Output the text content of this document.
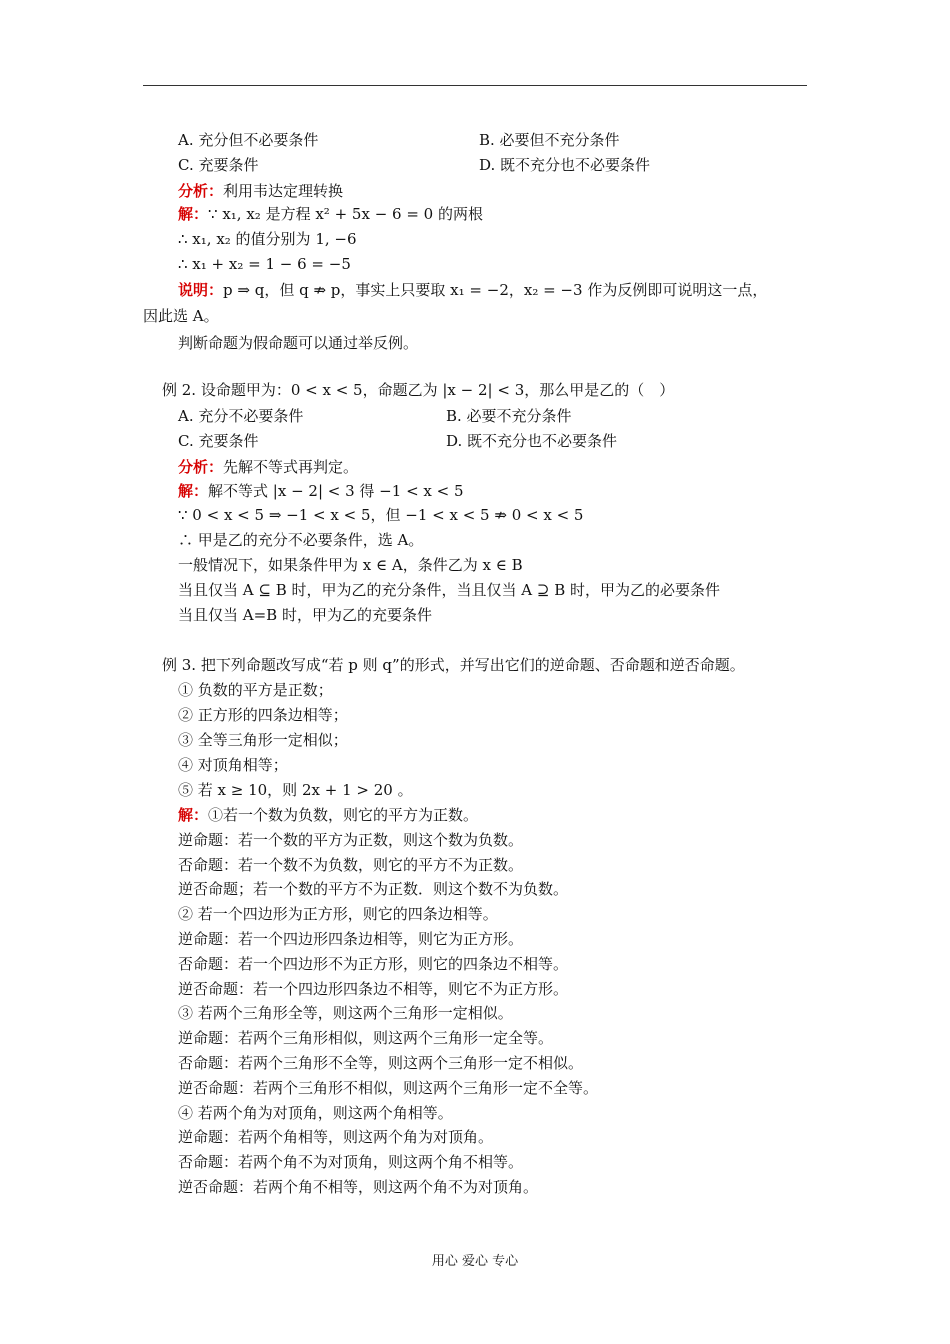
A. 充分但不必要条件	B. 必要但不充分条件
C. 充要条件	D. 既不充分也不必要条件
分析：利用韦达定理转换
解：∵ x₁, x₂ 是方程 x² + 5x − 6 = 0 的两根
∴ x₁, x₂ 的值分别为 1, −6
∴ x₁ + x₂ = 1 − 6 = −5
说明：p ⇒ q，但 q ⇏ p，事实上只要取 x₁ = −2，x₂ = −3 作为反例即可说明这一点，
因此选 A。
判断命题为假命题可以通过举反例。
例 2. 设命题甲为：0 < x < 5，命题乙为 |x − 2| < 3，那么甲是乙的（　）
A. 充分不必要条件	B. 必要不充分条件
C. 充要条件	D. 既不充分也不必要条件
分析：先解不等式再判定。
解：解不等式 |x − 2| < 3 得 −1 < x < 5
∵ 0 < x < 5 ⇒ −1 < x < 5，但 −1 < x < 5 ⇏ 0 < x < 5
∴ 甲是乙的充分不必要条件，选 A。
一般情况下，如果条件甲为 x ∈ A，条件乙为 x ∈ B
当且仅当 A ⊆ B 时，甲为乙的充分条件，当且仅当 A ⊇ B 时，甲为乙的必要条件
当且仅当 A=B 时，甲为乙的充要条件
例 3. 把下列命题改写成“若 p 则 q”的形式，并写出它们的逆命题、否命题和逆否命题。
① 负数的平方是正数；
② 正方形的四条边相等；
③ 全等三角形一定相似；
④ 对顶角相等；
⑤ 若 x ≥ 10，则 2x + 1 > 20 。
解：①若一个数为负数，则它的平方为正数。
逆命题：若一个数的平方为正数，则这个数为负数。
否命题：若一个数不为负数，则它的平方不为正数。
逆否命题；若一个数的平方不为正数．则这个数不为负数。
② 若一个四边形为正方形，则它的四条边相等。
逆命题：若一个四边形四条边相等，则它为正方形。
否命题：若一个四边形不为正方形，则它的四条边不相等。
逆否命题：若一个四边形四条边不相等，则它不为正方形。
③ 若两个三角形全等，则这两个三角形一定相似。
逆命题：若两个三角形相似，则这两个三角形一定全等。
否命题：若两个三角形不全等，则这两个三角形一定不相似。
逆否命题：若两个三角形不相似，则这两个三角形一定不全等。
④ 若两个角为对顶角，则这两个角相等。
逆命题：若两个角相等，则这两个角为对顶角。
否命题：若两个角不为对顶角，则这两个角不相等。
逆否命题：若两个角不相等，则这两个角不为对顶角。
用心 爱心 专心
